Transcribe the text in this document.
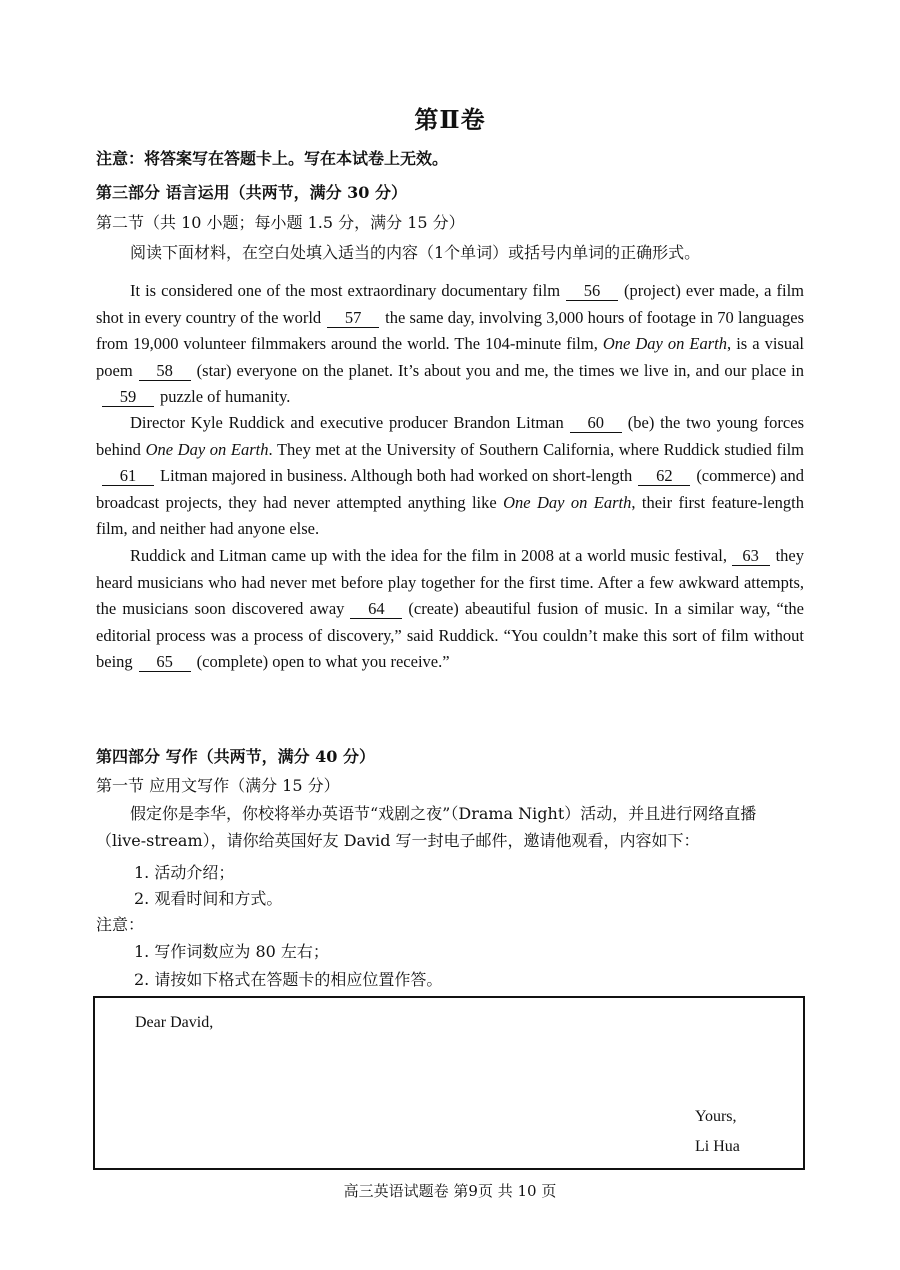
第Ⅱ卷
注意：将答案写在答题卡上。写在本试卷上无效。
第三部分 语言运用（共两节，满分 30 分）
第二节（共 10 小题；每小题 1.5 分，满分 15 分）
阅读下面材料，在空白处填入适当的内容（1个单词）或括号内单词的正确形式。
It is considered one of the most extraordinary documentary film 56 (project) ever made, a film shot in every country of the world 57 the same day, involving 3,000 hours of footage in 70 languages from 19,000 volunteer filmmakers around the world. The 104-minute film, One Day on Earth, is a visual poem 58 (star) everyone on the planet. It’s about you and me, the times we live in, and our place in59 puzzle of humanity.
Director Kyle Ruddick and executive producer Brandon Litman 60 (be) the two young forces behind One Day on Earth. They met at the University of Southern California, where Ruddick studied film61 Litman majored in business. Although both had worked on short-length 62 (commerce) and broadcast projects, they had never attempted anything like One Day on Earth, their first feature-length film, and neither had anyone else.
Ruddick and Litman came up with the idea for the film in 2008 at a world music festival, 63 they heard musicians who had never met before play together for the first time. After a few awkward attempts, the musicians soon discovered away 64 (create) abeautiful fusion of music. In a similar way, “the editorial process was a process of discovery,” said Ruddick. “You couldn’t make this sort of film without being 65 (complete) open to what you receive.”
第四部分 写作（共两节，满分 40 分）
第一节 应用文写作（满分 15 分）
假定你是李华，你校将举办英语节“戏剧之夜”（Drama Night）活动，并且进行网络直播（live-stream），请你给英国好友 David 写一封电子邮件，邀请他观看，内容如下：
1. 活动介绍；
2. 观看时间和方式。
注意：
1. 写作词数应为 80 左右；
2. 请按如下格式在答题卡的相应位置作答。
Dear David,
Yours,
Li Hua
高三英语试题卷 第9页 共 10 页
